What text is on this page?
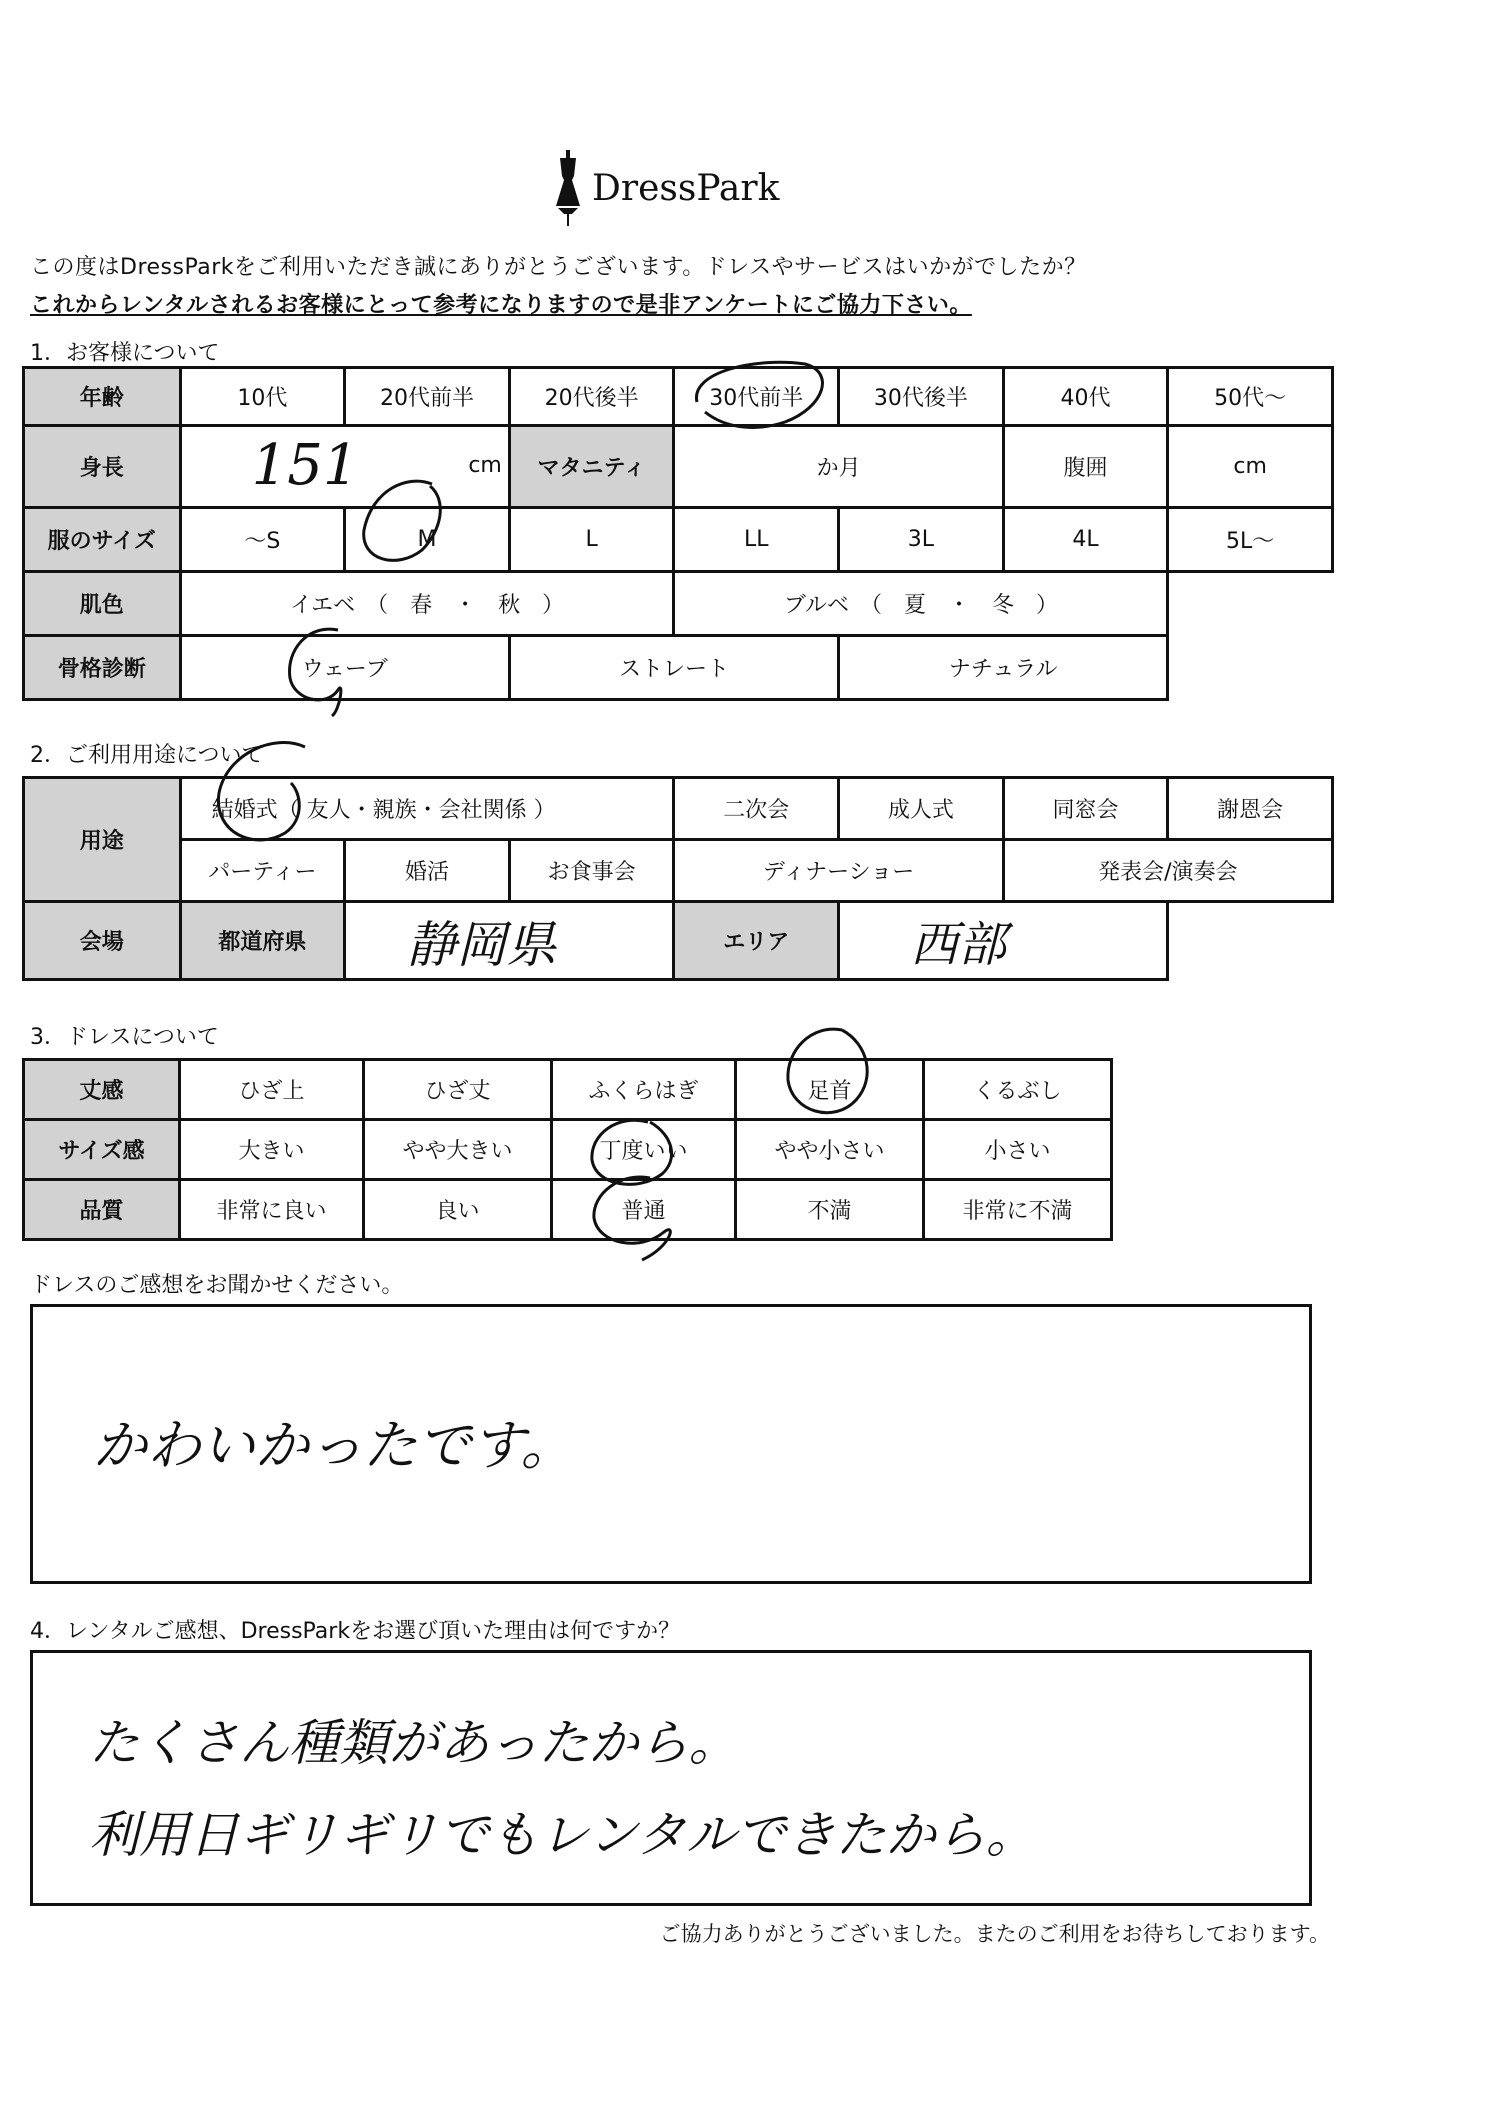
DressPark
この度はDressParkをご利用いただき誠にありがとうございます。ドレスやサービスはいかがでしたか？
これからレンタルされるお客様にとって参考になりますので是非アンケートにご協力下さい。
1．お客様について
年齢	10代	20代前半	20代後半	30代前半	30代後半	40代	50代～
身長	151 cm		マタニティ	か月		腹囲	cm
服のサイズ	～S	M	L	LL	3L	4L	5L～
肌色	イエベ　（　春　・　秋　）			ブルベ　（　夏　・　冬　）			
骨格診断	ウェーブ		ストレート		ナチュラル		
2．ご利用用途について
用途	結婚式（ 友人・親族・会社関係 ）			二次会	成人式	同窓会	謝恩会
	パーティー	婚活	お食事会	ディナーショー		発表会/演奏会	
会場	都道府県	静岡県		エリア	西部		
3．ドレスについて
丈感	ひざ上	ひざ丈	ふくらはぎ	足首	くるぶし
サイズ感	大きい	やや大きい	丁度いい	やや小さい	小さい
品質	非常に良い	良い	普通	不満	非常に不満
ドレスのご感想をお聞かせください。
かわいかったです。
4．レンタルご感想、DressParkをお選び頂いた理由は何ですか？
たくさん種類があったから。
利用日ギリギリでもレンタルできたから。
ご協力ありがとうございました。またのご利用をお待ちしております。
